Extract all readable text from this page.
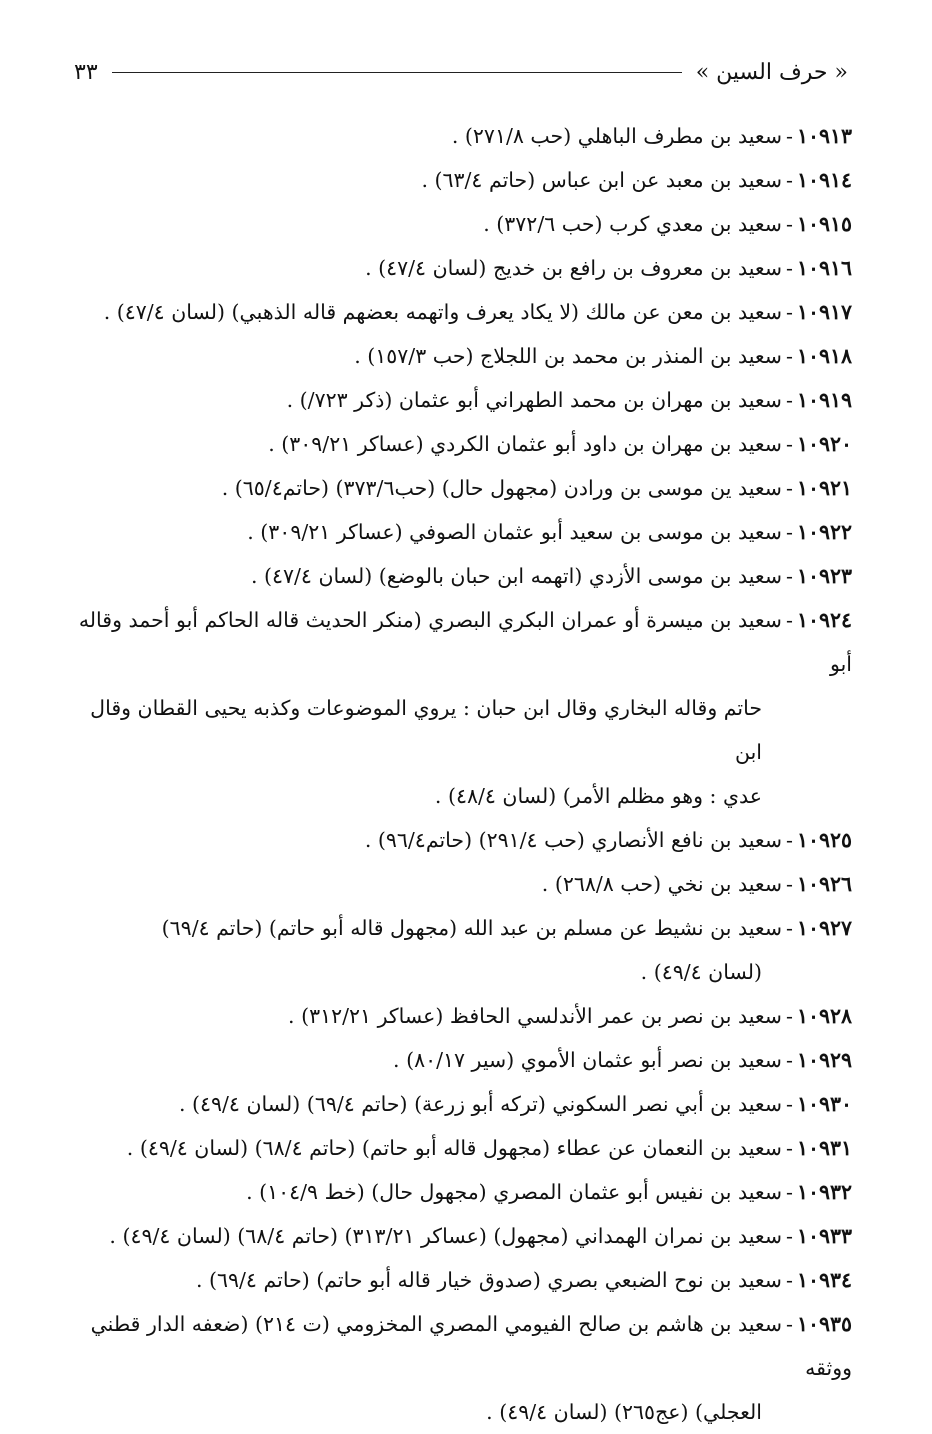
« حرف السين »
٣٣
١٠٩١٣-سعيد بن مطرف الباهلي (حب ٢٧١/٨) .
١٠٩١٤-سعيد بن معبد عن ابن عباس (حاتم ٦٣/٤) .
١٠٩١٥-سعيد بن معدي كرب (حب ٣٧٢/٦) .
١٠٩١٦-سعيد بن معروف بن رافع بن خديج (لسان ٤٧/٤) .
١٠٩١٧-سعيد بن معن عن مالك (لا يكاد يعرف واتهمه بعضهم قاله الذهبي) (لسان ٤٧/٤) .
١٠٩١٨-سعيد بن المنذر بن محمد بن اللجلاج (حب ١٥٧/٣) .
١٠٩١٩-سعيد بن مهران بن محمد الطهراني أبو عثمان (ذكر ٧٢٣/) .
١٠٩٢٠-سعيد بن مهران بن داود أبو عثمان الكردي (عساكر ٣٠٩/٢١) .
١٠٩٢١-سعيد ين موسى بن ورادن (مجهول حال) (حب٣٧٣/٦) (حاتم٦٥/٤) .
١٠٩٢٢-سعيد بن موسى بن سعيد أبو عثمان الصوفي (عساكر ٣٠٩/٢١) .
١٠٩٢٣-سعيد بن موسى الأزدي (اتهمه ابن حبان بالوضع) (لسان ٤٧/٤) .
١٠٩٢٤-سعيد بن ميسرة أو عمران البكري البصري (منكر الحديث قاله الحاكم أبو أحمد وقاله أبو
حاتم وقاله البخاري وقال ابن حبان : يروي الموضوعات وكذبه يحيى القطان وقال ابن
عدي : وهو مظلم الأمر) (لسان ٤٨/٤) .
١٠٩٢٥-سعيد بن نافع الأنصاري (حب ٢٩١/٤) (حاتم٩٦/٤) .
١٠٩٢٦-سعيد بن نخي (حب ٢٦٨/٨) .
١٠٩٢٧-سعيد بن نشيط عن مسلم بن عبد الله (مجهول قاله أبو حاتم) (حاتم ٦٩/٤)
(لسان ٤٩/٤) .
١٠٩٢٨-سعيد بن نصر بن عمر الأندلسي الحافظ (عساكر ٣١٢/٢١) .
١٠٩٢٩-سعيد بن نصر أبو عثمان الأموي (سير ٨٠/١٧) .
١٠٩٣٠-سعيد بن أبي نصر السكوني (تركه أبو زرعة) (حاتم ٦٩/٤) (لسان ٤٩/٤) .
١٠٩٣١-سعيد بن النعمان عن عطاء (مجهول قاله أبو حاتم) (حاتم ٦٨/٤) (لسان ٤٩/٤) .
١٠٩٣٢-سعيد بن نفيس أبو عثمان المصري (مجهول حال) (خط ١٠٤/٩) .
١٠٩٣٣-سعيد بن نمران الهمداني (مجهول) (عساكر ٣١٣/٢١) (حاتم ٦٨/٤) (لسان ٤٩/٤) .
١٠٩٣٤-سعيد بن نوح الضبعي بصري (صدوق خيار قاله أبو حاتم) (حاتم ٦٩/٤) .
١٠٩٣٥-سعيد بن هاشم بن صالح الفيومي المصري المخزومي (ت ٢١٤) (ضعفه الدار قطني ووثقه
العجلي) (عج٢٦٥) (لسان ٤٩/٤) .
